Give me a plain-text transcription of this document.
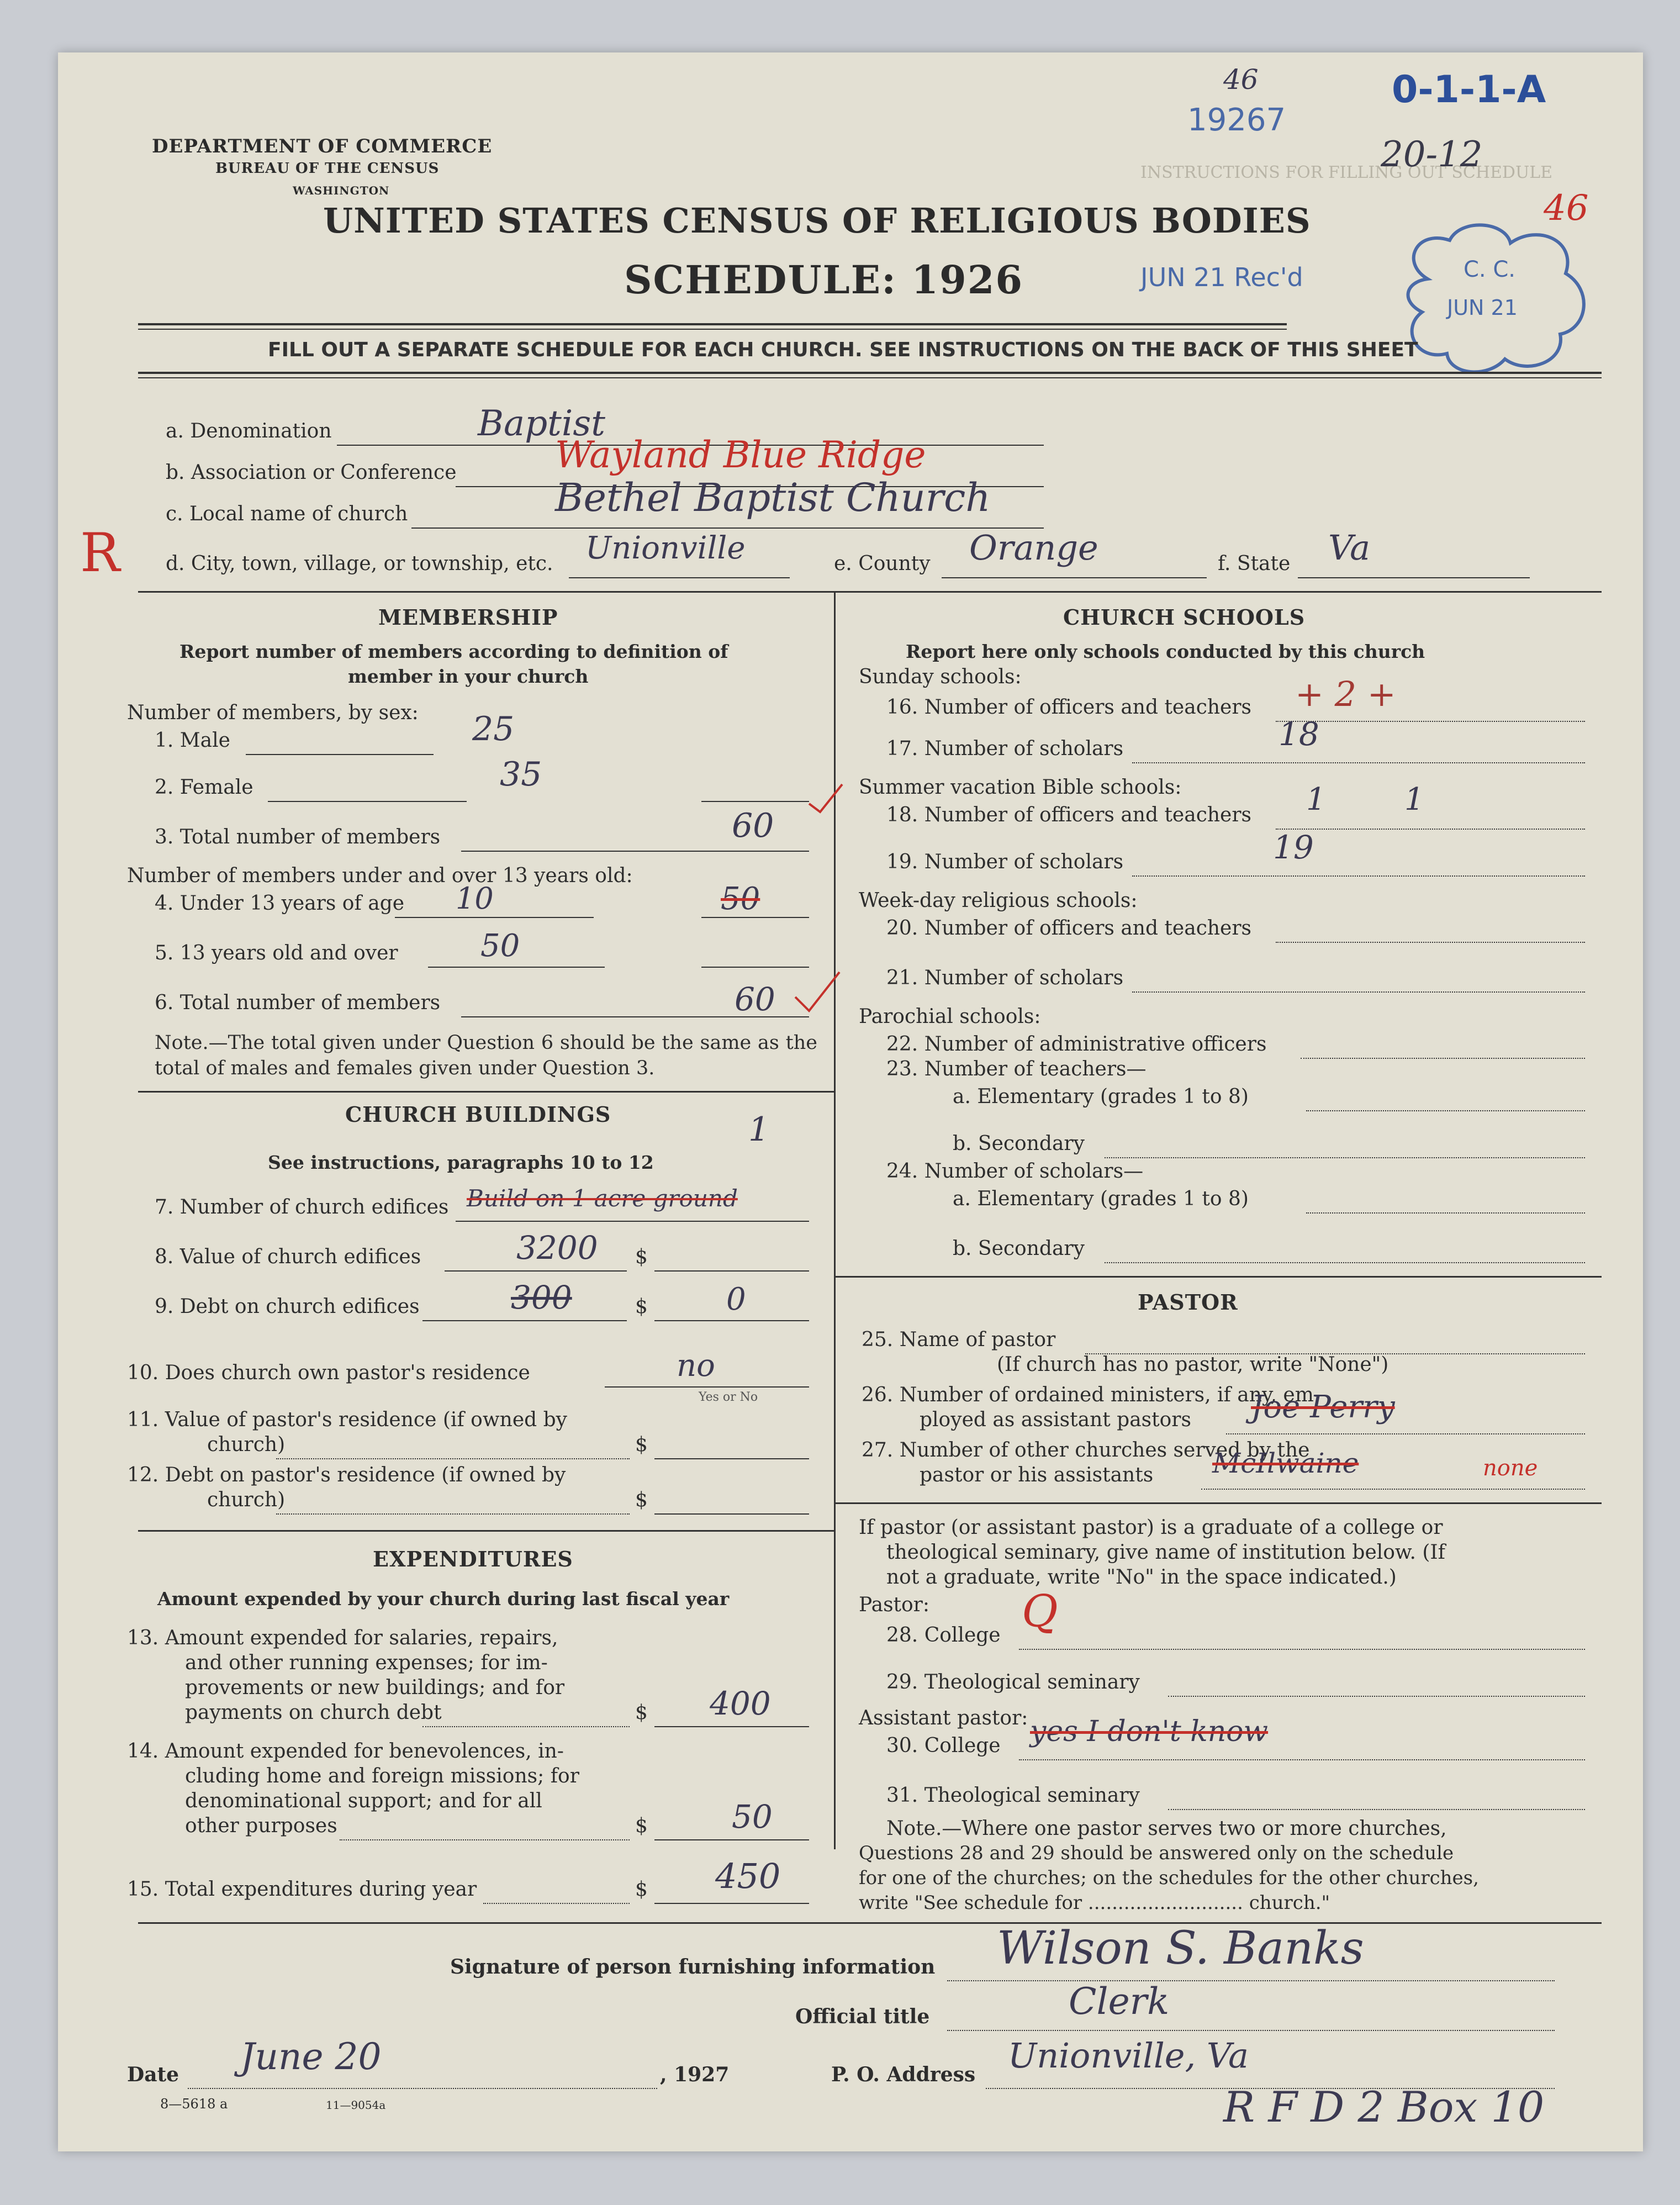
INSTRUCTIONS FOR FILLING OUT SCHEDULE
DEPARTMENT OF COMMERCE
BUREAU OF THE CENSUS
WASHINGTON
UNITED STATES CENSUS OF RELIGIOUS BODIES
SCHEDULE: 1926
46
19267
0-1-1-A
20-12
46
JUN 21 Rec'd	C. C.
JUN 21
FILL OUT A SEPARATE SCHEDULE FOR EACH CHURCH. SEE INSTRUCTIONS ON THE BACK OF THIS SHEET
a. Denomination	Baptist
b. Association or Conference	Wayland Blue Ridge
c. Local name of church	Bethel Baptist Church
R d. City, town, village, or township, etc. Unionville	e. County Orange	f. State Va
MEMBERSHIP
Report number of members according to definition of
member in your church
Number of members, by sex:
1. Male	25
2. Female	35
3. Total number of members	60
Number of members under and over 13 years old:
4. Under 13 years of age 10	50
5. 13 years old and over	50
6. Total number of members	60
Note.—The total given under Question 6 should be the same as the total of males and females given under Question 3.
CHURCH BUILDINGS
See instructions, paragraphs 10 to 12
1
7. Number of church edifices Build on 1 acre ground
8. Value of church edifices	3200 $
9. Debt on church edifices	300	$	0
10. Does church own pastor's residence	no
Yes or No
11. Value of pastor's residence (if owned by
church)	$
12. Debt on pastor's residence (if owned by
church)	$
EXPENDITURES
Amount expended by your church during last fiscal year
13. Amount expended for salaries, repairs,
and other running expenses; for im-
provements or new buildings; and for
payments on church debt	$ 400
14. Amount expended for benevolences, in-
cluding home and foreign missions; for
denominational support; and for all
other purposes	$	50
15. Total expenditures during year	$ 450
CHURCH SCHOOLS
Report here only schools conducted by this church
Sunday schools:
16. Number of officers and teachers + 2 +
17. Number of scholars	18
Summer vacation Bible schools:
18. Number of officers and teachers 1        1
19. Number of scholars	19
Week-day religious schools:
20. Number of officers and teachers
21. Number of scholars
Parochial schools:
22. Number of administrative officers
23. Number of teachers—
a. Elementary (grades 1 to 8)
b. Secondary
24. Number of scholars—
a. Elementary (grades 1 to 8)
b. Secondary
PASTOR
25. Name of pastor
(If church has no pastor, write "None")
26. Number of ordained ministers, if any, em-
ployed as assistant pastors Joe Perry
27. Number of other churches served by the
pastor or his assistants McIlwaine	none
If pastor (or assistant pastor) is a graduate of a college or
theological seminary, give name of institution below. (If
not a graduate, write "No" in the space indicated.)
Pastor:
28. College Q
29. Theological seminary
Assistant pastor:
30. College yes I don't know
31. Theological seminary
Note.—Where one pastor serves two or more churches,
Questions 28 and 29 should be answered only on the schedule
for one of the churches; on the schedules for the other churches,
write "See schedule for .......................... church."
Signature of person furnishing information Wilson S. Banks
Official title	Clerk
Date June 20	, 1927	P. O. Address Unionville, Va
8—5618 a	11—9054a	R F D 2 Box 10
